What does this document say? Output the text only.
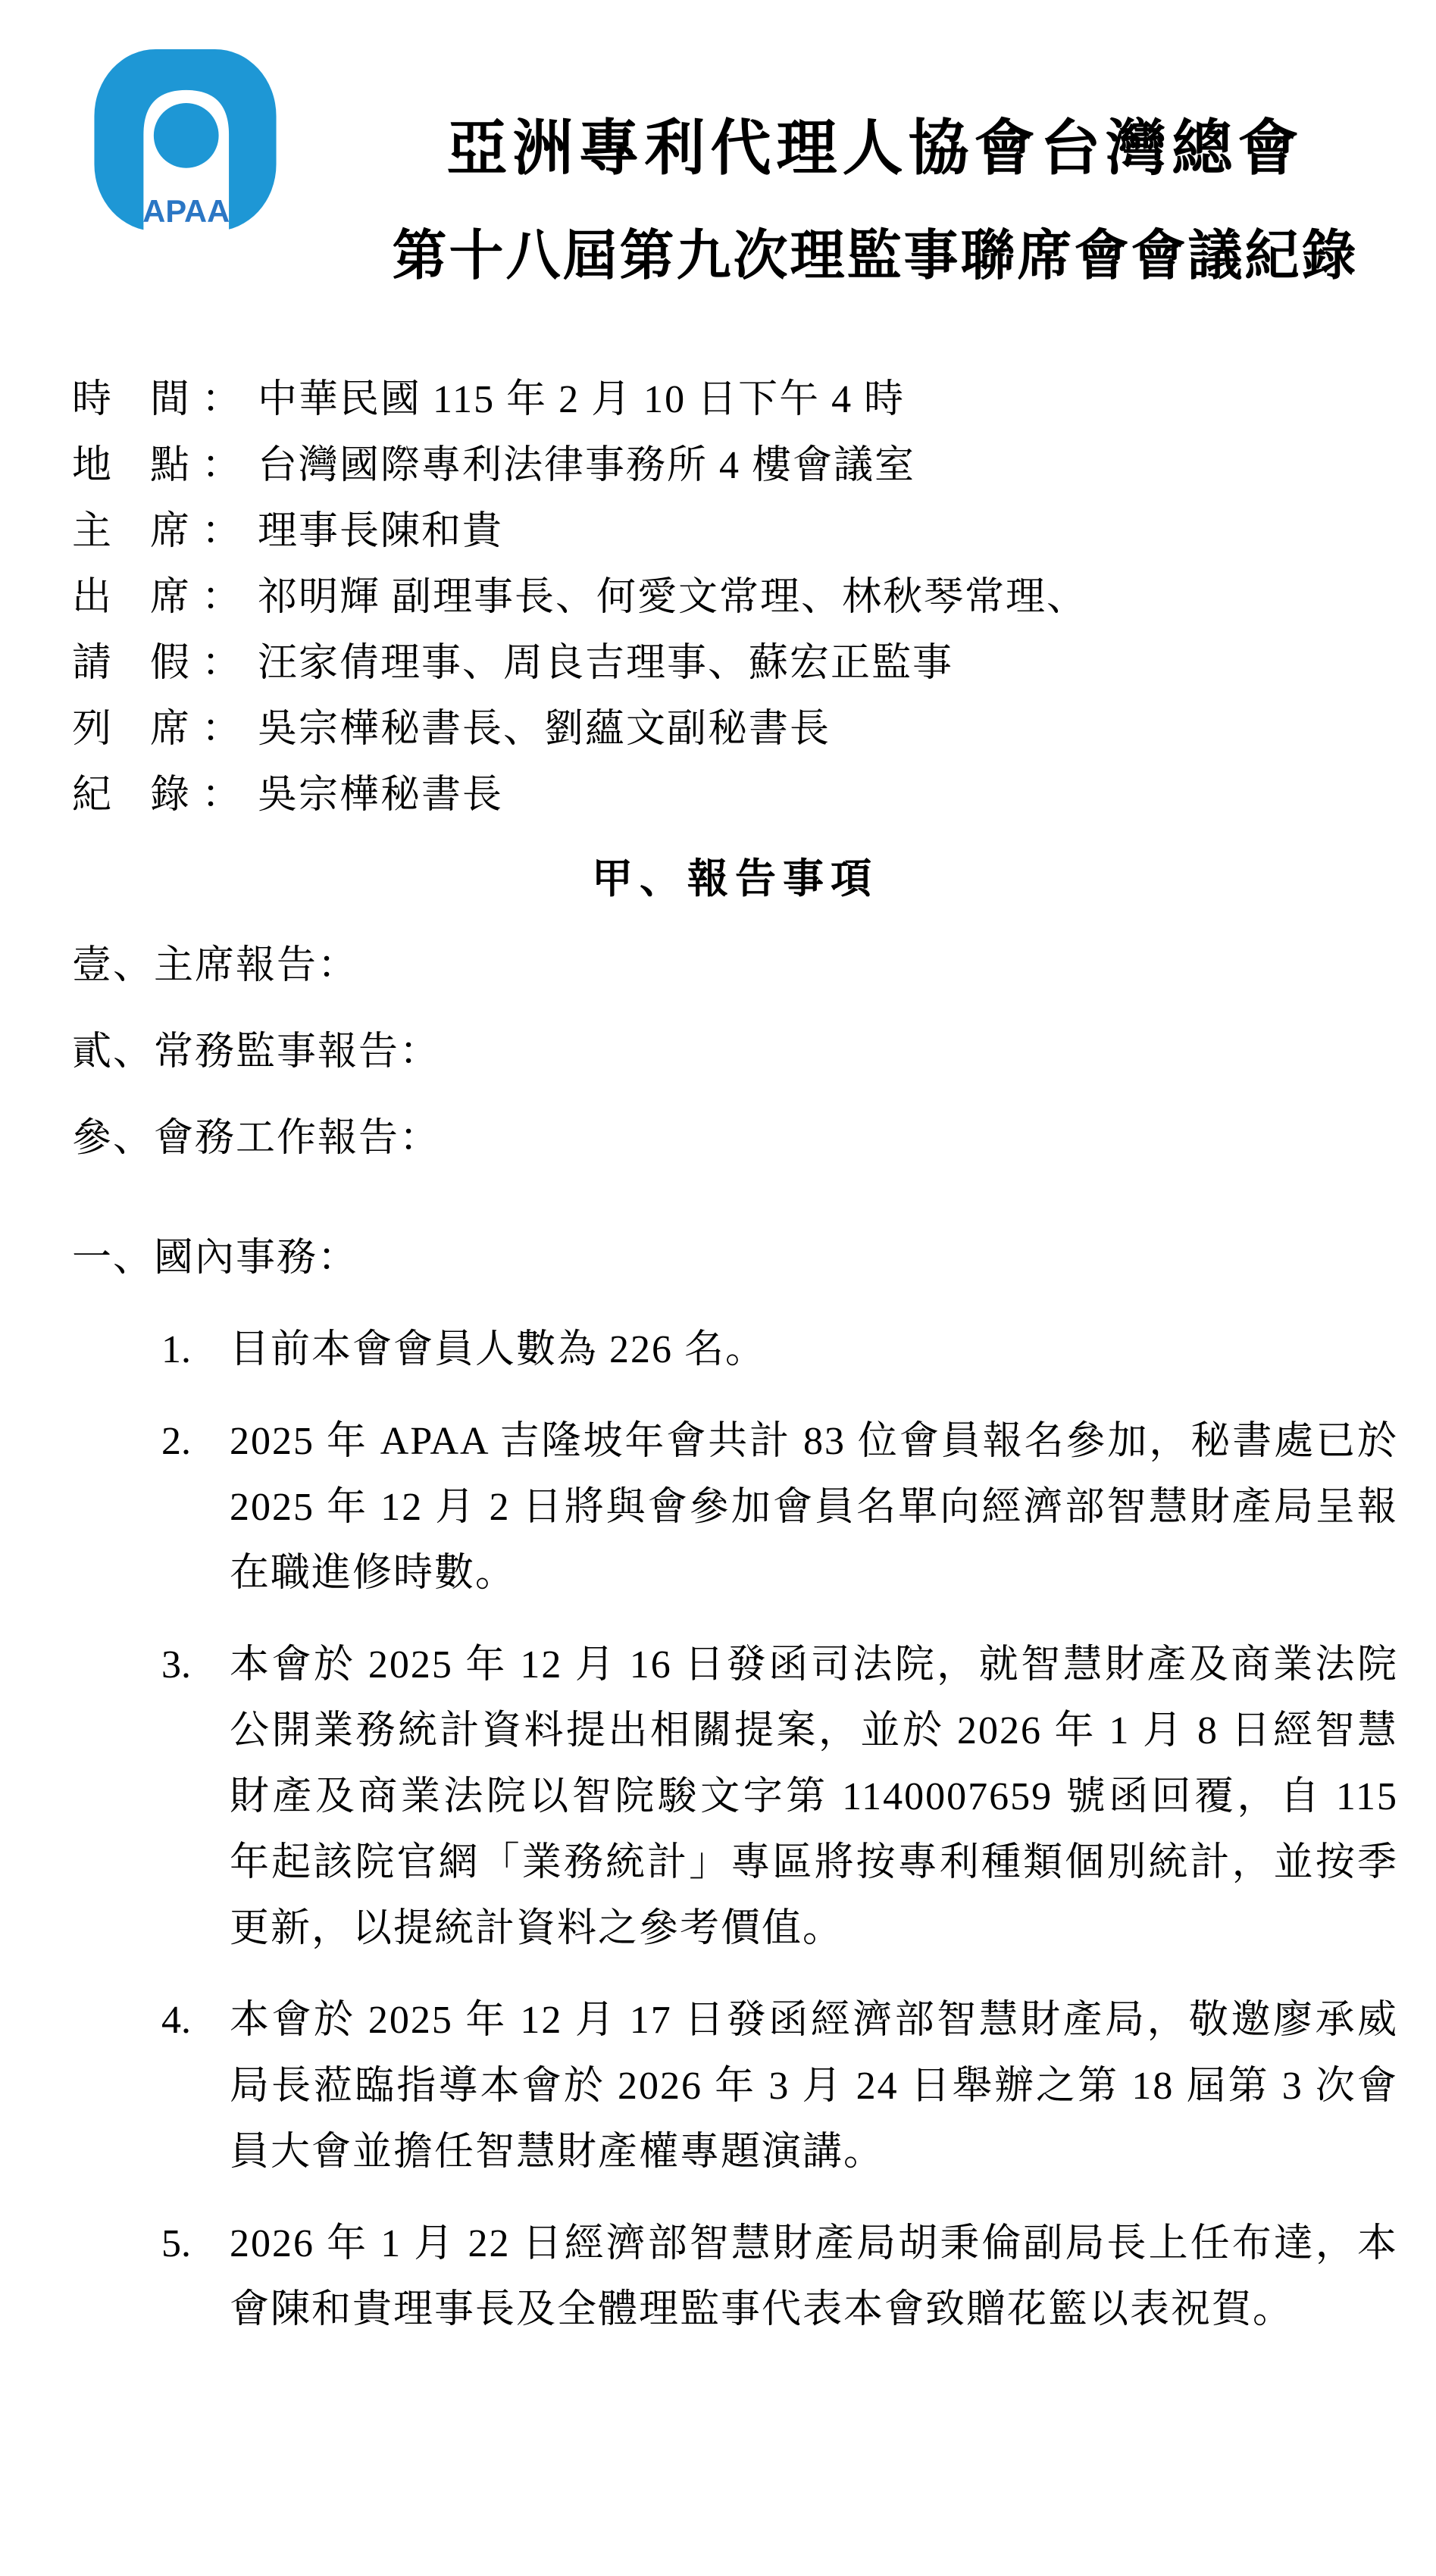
APAA
亞洲專利代理人協會台灣總會
第十八屆第九次理監事聯席會會議紀錄
時 間 ： 中華民國 115 年 2 月 10 日下午 4 時
地 點 ： 台灣國際專利法律事務所 4 樓會議室
主 席 ： 理事長陳和貴
出 席 ： 祁明輝 副理事長、何愛文常理、林秋琴常理、
請 假 ： 汪家倩理事、周良吉理事、蘇宏正監事
列 席 ： 吳宗樺秘書長、劉蘊文副秘書長
紀 錄 ： 吳宗樺秘書長
甲、報告事項
壹、主席報告：
貳、常務監事報告：
參、會務工作報告：
一、國內事務：
1. 目前本會會員人數為 226 名。
2. 2025 年 APAA 吉隆坡年會共計 83 位會員報名參加，秘書處已於 2025 年 12 月 2 日將與會參加會員名單向經濟部智慧財產局呈報在職進修時數。
3. 本會於 2025 年 12 月 16 日發函司法院，就智慧財產及商業法院公開業務統計資料提出相關提案，並於 2026 年 1 月 8 日經智慧財產及商業法院以智院駿文字第 1140007659 號函回覆，自 115 年起該院官網「業務統計」專區將按專利種類個別統計，並按季更新，以提統計資料之參考價值。
4. 本會於 2025 年 12 月 17 日發函經濟部智慧財產局，敬邀廖承威局長蒞臨指導本會於 2026 年 3 月 24 日舉辦之第 18 屆第 3 次會員大會並擔任智慧財產權專題演講。
5. 2026 年 1 月 22 日經濟部智慧財產局胡秉倫副局長上任布達，本會陳和貴理事長及全體理監事代表本會致贈花籃以表祝賀。
